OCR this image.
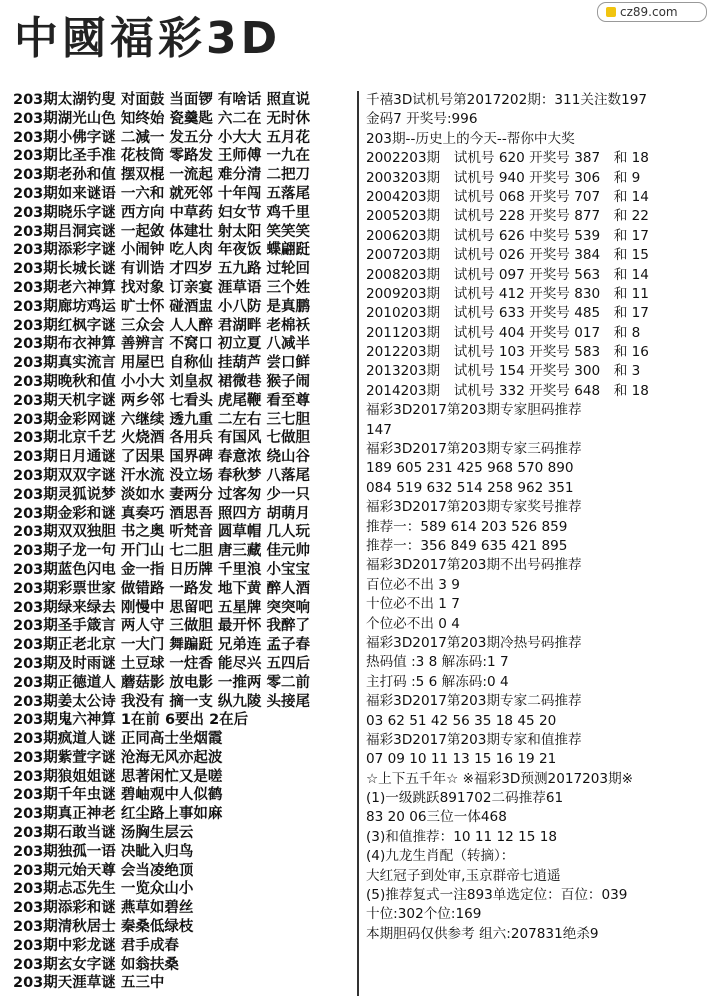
中國福彩3D
cz89.com
203期太湖钓叟 对面鼓 当面锣 有啥话 照直说
203期湖光山色 知终始 瓷羹匙 六二在 无时休
203期小佛字谜 二減一 发五分 小大大 五月花
203期比圣手准 花枝筒 零路发 王师傅 一九在
203期老孙和值 摆双棍 一流起 难分清 二把刀
203期如来谜语 一六和 就死邻 十年闯 五落尾
203期晓乐字谜 西方向 中草药 妇女节 鸡千里
203期吕洞宾谜 一起敛 体建壮 射太阳 笑笑笑
203期添彩字谜 小闹钟 吃人肉 年夜饭 蝶翩跹
203期长城长谜 有训诰 才四岁 五九路 过轮回
203期老六神算 找对象 订亲宴 涯草语 三个姓
203期廊坊鸡运 旷士怀 碰酒盅 小八防 是真鹏
203期红枫字谜 三众会 人人醉 君湖畔 老棉袄
203期布衣神算 善辨言 不窝口 初立夏 八减半
203期真实流言 用屋巴 自称仙 挂葫芦 尝口鲜
203期晚秋和值 小小大 刘皇叔 裙微巷 猴子闹
203期天机字谜 两乡邻 七看头 虎尾鞭 看至尊
203期金彩网谜 六继续 透九重 二左右 三七胆
203期北京千艺 火烧酒 各用兵 有国风 七做胆
203期日月通谜 了因果 国界碑 春意浓 绕山谷
203期双双字谜 汗水流 没立场 春秋梦 八落尾
203期灵狐说梦 淡如水 妻两分 过客匆 少一只
203期金彩和谜 真奏巧 酒思吾 照四方 胡萌月
203期双双独胆 书之奥 听梵音 圆草帽 几人玩
203期子龙一句 开门山 七二胆 唐三藏 佳元帅
203期蓝色闪电 金一指 日历牌 千里浪 小宝宝
203期彩票世家 做错路 一路发 地下黄 醉人酒
203期绿来绿去 刚慢中 思留吧 五星牌 突突响
203期圣手箴言 两人守 三做胆 最开怀 我醉了
203期正老北京 一大门 舞蹁跹 兄弟连 孟子春
203期及时雨谜 土豆球 一炷香 能尽兴 五四后
203期正德道人 蘑菇影 放电影 一推两 零二前
203期姜太公诗 我没有 摘一支 纵九陵 头接尾
203期鬼六神算 1在前 6要出 2在后
203期疯道人谜 正同高士坐烟霞
203期紫萱字谜 沧海无风亦起波
203期狼姐姐谜 思著闲忙又是嗟
203期千年虫谜 碧岫观中人似鹤
203期真正神老 红尘路上事如麻
203期石敢当谜 汤胸生层云
203期独孤一语 决眦入归鸟
203期元始天尊 会当凌绝顶
203期忐忑先生 一览众山小
203期添彩和谜 燕草如碧丝
203期清秋居士 秦桑低绿枝
203期中彩龙谜 君手成春
203期玄女字谜 如翁扶桑
203期天涯草谜 五三中
千禧3D试机号第2017202期：311关注数197
金码7 开奖号:996
203期--历史上的今天--帮你中大奖
2002203期　试机号 620 开奖号 387　和 18
2003203期　试机号 940 开奖号 306　和 9
2004203期　试机号 068 开奖号 707　和 14
2005203期　试机号 228 开奖号 877　和 22
2006203期　试机号 626 中奖号 539　和 17
2007203期　试机号 026 开奖号 384　和 15
2008203期　试机号 097 开奖号 563　和 14
2009203期　试机号 412 开奖号 830　和 11
2010203期　试机号 633 开奖号 485　和 17
2011203期　试机号 404 开奖号 017　和 8
2012203期　试机号 103 开奖号 583　和 16
2013203期　试机号 154 开奖号 300　和 3
2014203期　试机号 332 开奖号 648　和 18
福彩3D2017第203期专家胆码推荐
147
福彩3D2017第203期专家三码推荐
189 605 231 425 968 570 890
084 519 632 514 258 962 351
福彩3D2017第203期专家奖号推荐
推荐一：589 614 203 526 859
推荐一：356 849 635 421 895
福彩3D2017第203期不出号码推荐
百位必不出 3 9
十位必不出 1 7
个位必不出 0 4
福彩3D2017第203期冷热号码推荐
热码值 :3 8 解冻码:1 7
主打码 :5 6 解冻码:0 4
福彩3D2017第203期专家二码推荐
03 62 51 42 56 35 18 45 20
福彩3D2017第203期专家和值推荐
07 09 10 11 13 15 16 19 21
☆上下五千年☆ ※福彩3D预测2017203期※
(1)一级跳跃891702二码推荐61
83 20 06三位一体468
(3)和值推荐：10 11 12 15 18
(4)九龙生肖配（转摘）：
大红冠子到处审,玉京群帝七逍遥
(5)推荐复式一注893单选定位：百位：039
十位:302个位:169
本期胆码仅供参考 组六:207831绝杀9
